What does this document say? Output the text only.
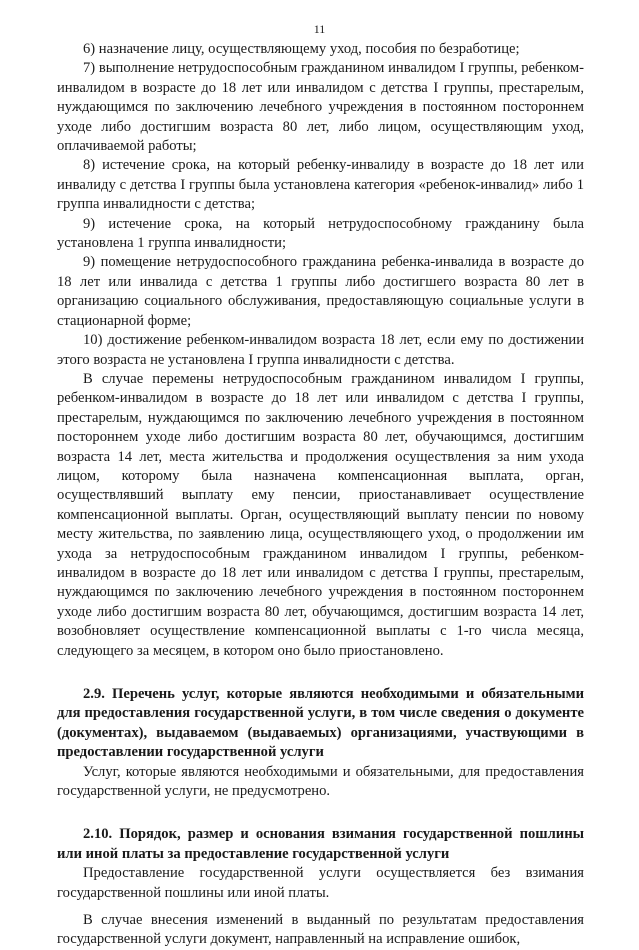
11

6) назначение лицу, осуществляющему уход, пособия по безработице;

7) выполнение нетрудоспособным гражданином инвалидом I группы, ребенком-инвалидом в возрасте до 18 лет или инвалидом с детства I группы, престарелым, нуждающимся по заключению лечебного учреждения в постоянном постороннем уходе либо достигшим возраста 80 лет, либо лицом, осуществляющим уход, оплачиваемой работы;

8) истечение срока, на который ребенку-инвалиду в возрасте до 18 лет или инвалиду с детства I группы была установлена категория «ребенок-инвалид» либо 1 группа инвалидности с детства;

9) истечение срока, на который нетрудоспособному гражданину была установлена 1 группа инвалидности;

9) помещение нетрудоспособного гражданина ребенка-инвалида в возрасте до 18 лет или инвалида с детства 1 группы либо достигшего возраста 80 лет в организацию социального обслуживания, предоставляющую социальные услуги в стационарной форме;

10) достижение ребенком-инвалидом возраста 18 лет, если ему по достижении этого возраста не установлена I группа инвалидности с детства.

В случае перемены нетрудоспособным гражданином инвалидом I группы, ребенком-инвалидом в возрасте до 18 лет или инвалидом с детства I группы, престарелым, нуждающимся по заключению лечебного учреждения в постоянном постороннем уходе либо достигшим возраста 80 лет, обучающимся, достигшим возраста 14 лет, места жительства и продолжения осуществления за ним ухода лицом, которому была назначена компенсационная выплата, орган, осуществлявший выплату ему пенсии, приостанавливает осуществление компенсационной выплаты. Орган, осуществляющий выплату пенсии по новому месту жительства, по заявлению лица, осуществляющего уход, о продолжении им ухода за нетрудоспособным гражданином инвалидом I группы, ребенком-инвалидом в возрасте до 18 лет или инвалидом с детства I группы, престарелым, нуждающимся по заключению лечебного учреждения в постоянном постороннем уходе либо достигшим возраста 80 лет, обучающимся, достигшим возраста 14 лет, возобновляет осуществление компенсационной выплаты с 1-го числа месяца, следующего за месяцем, в котором оно было приостановлено.

2.9. Перечень услуг, которые являются необходимыми и обязательными для предоставления государственной услуги, в том числе сведения о документе (документах), выдаваемом (выдаваемых) организациями, участвующими в предоставлении государственной услуги

Услуг, которые являются необходимыми и обязательными, для предоставления государственной услуги, не предусмотрено.

2.10. Порядок, размер и основания взимания государственной пошлины или иной платы за предоставление государственной услуги

Предоставление государственной услуги осуществляется без взимания государственной пошлины или иной платы.

В случае внесения изменений в выданный по результатам предоставления государственной услуги документ, направленный на исправление ошибок,
